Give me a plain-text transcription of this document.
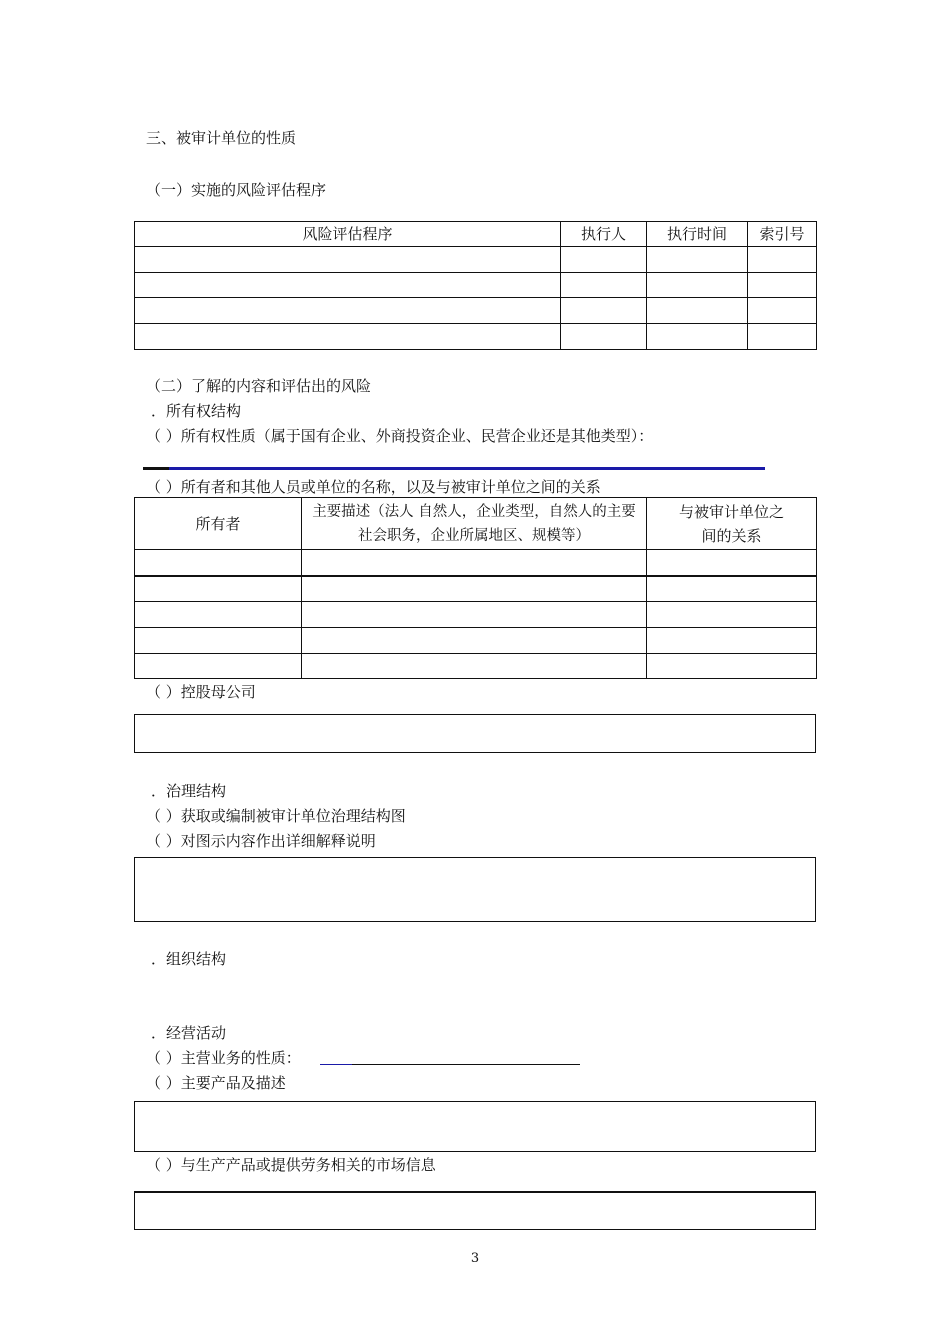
三、被审计单位的性质
（一）实施的风险评估程序
风险评估程序	执行人	执行时间	索引号

（二）了解的内容和评估出的风险
．所有权结构
（ ）所有权性质（属于国有企业、外商投资企业、民营企业还是其他类型）：
（ ）所有者和其他人员或单位的名称，以及与被审计单位之间的关系
所有者	主要描述（法人 自然人，企业类型，自然人的主要社会职务，企业所属地区、规模等）	与被审计单位之间的关系

（ ）控股母公司
．治理结构
（ ）获取或编制被审计单位治理结构图
（ ）对图示内容作出详细解释说明
．组织结构
．经营活动
（ ）主营业务的性质：
（ ）主要产品及描述
（ ）与生产产品或提供劳务相关的市场信息
3
